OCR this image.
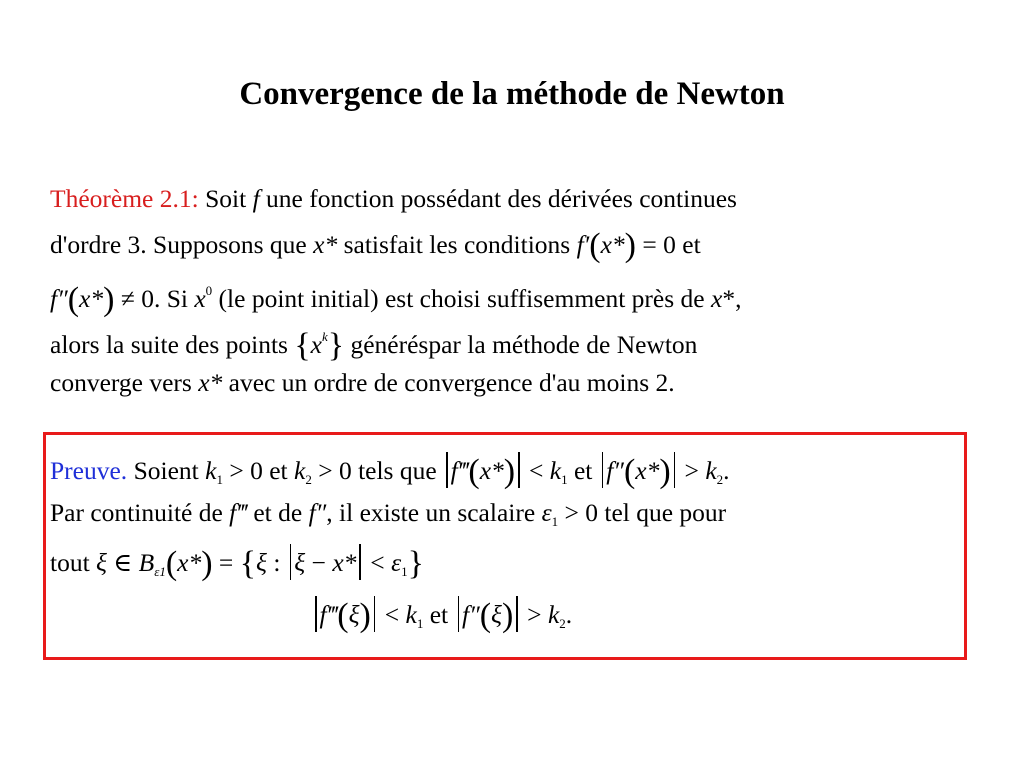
Convergence de la méthode de Newton
Théorème 2.1: Soit f une fonction possédant des dérivées continues
d'ordre 3. Supposons que x* satisfait les conditions f′(x*) = 0 et
f″(x*) ≠ 0. Si $x^0$ (le point initial) est choisi suffisemment près de x*,
alors la suite des points $\{x^k\}$ généréspar la méthode de Newton
converge vers x* avec un ordre de convergence d'au moins 2.
Preuve. Soient $k_1 > 0$ et $k_2 > 0$ tels que f‴(x*) < $k_1$ et $f''(x*) > k_2$.
Par continuité de f‴ et de f″, il existe un scalaire $\varepsilon_1 > 0$ tel que pour
tout ξ ∈ $B_{\varepsilon 1}(x*) = \{\xi$ : $\xi - x* < \varepsilon_1$}
f‴(ξ) < $k_1$ et $f''(\xi) > k_2$.
